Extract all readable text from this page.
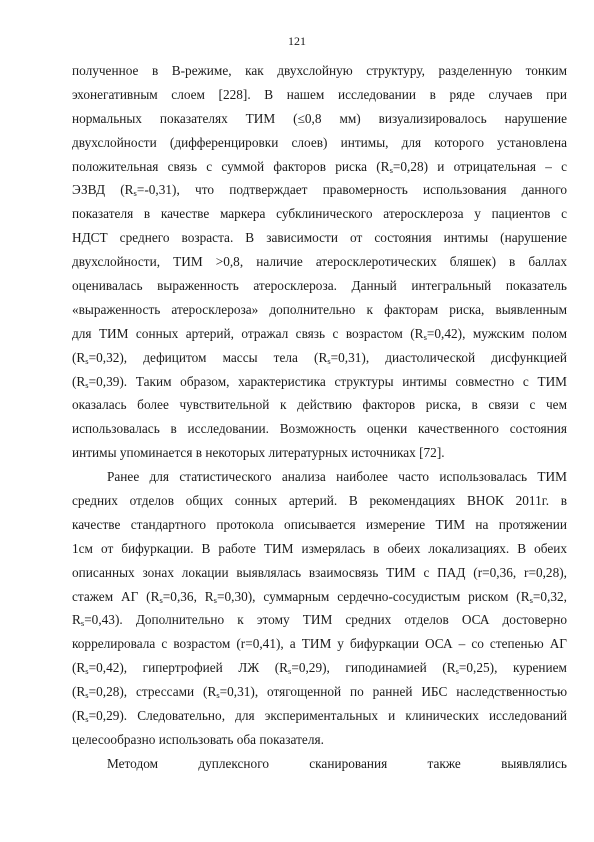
121
полученное в B-режиме, как двухслойную структуру, разделенную тонким
эхонегативным слоем [228]. В нашем исследовании в ряде случаев при
нормальных показателях ТИМ (≤0,8 мм) визуализировалось нарушение
двухслойности (дифференцировки слоев) интимы, для которого установлена
положительная связь с суммой факторов риска $(R_s=0,28)$ и отрицательная – с
ЭЗВД $(R_s=-0,31)$, что подтверждает правомерность использования данного
показателя в качестве маркера субклинического атеросклероза у пациентов с
НДСТ среднего возраста. В зависимости от состояния интимы (нарушение
двухслойности, ТИМ >0,8, наличие атеросклеротических бляшек) в баллах
оценивалась выраженность атеросклероза. Данный интегральный показатель
«выраженность атеросклероза» дополнительно к факторам риска, выявленным
для ТИМ сонных артерий, отражал связь с возрастом $(R_s=0,42)$, мужским полом
$(R_s=0,32)$, дефицитом массы тела $(R_s=0,31)$, диастолической дисфункцией
$(R_s=0,39)$. Таким образом, характеристика структуры интимы совместно с ТИМ
оказалась более чувствительной к действию факторов риска, в связи с чем
использовалась в исследовании. Возможность оценки качественного состояния
интимы упоминается в некоторых литературных источниках [72].
Ранее для статистического анализа наиболее часто использовалась ТИМ
средних отделов общих сонных артерий. В рекомендациях ВНОК 2011г. в
качестве стандартного протокола описывается измерение ТИМ на протяжении
1см от бифуркации. В работе ТИМ измерялась в обеих локализациях. В обеих
описанных зонах локации выявлялась взаимосвязь ТИМ с ПАД (r=0,36, r=0,28),
стажем АГ ($R_s=0,36$, $R_s=0,30$), суммарным сердечно-сосудистым риском ($R_s=0,32$,
$R_s=0,43$). Дополнительно к этому ТИМ средних отделов ОСА достоверно
коррелировала с возрастом (r=0,41), а ТИМ у бифуркации ОСА – со степенью АГ
$(R_s=0,42)$, гипертрофией ЛЖ $(R_s=0,29)$, гиподинамией $(R_s=0,25)$, курением
$(R_s=0,28)$, стрессами $(R_s=0,31)$, отягощенной по ранней ИБС наследственностью
$(R_s=0,29)$. Следовательно, для экспериментальных и клинических исследований
целесообразно использовать оба показателя.
Методом дуплексного сканирования также выявлялись
